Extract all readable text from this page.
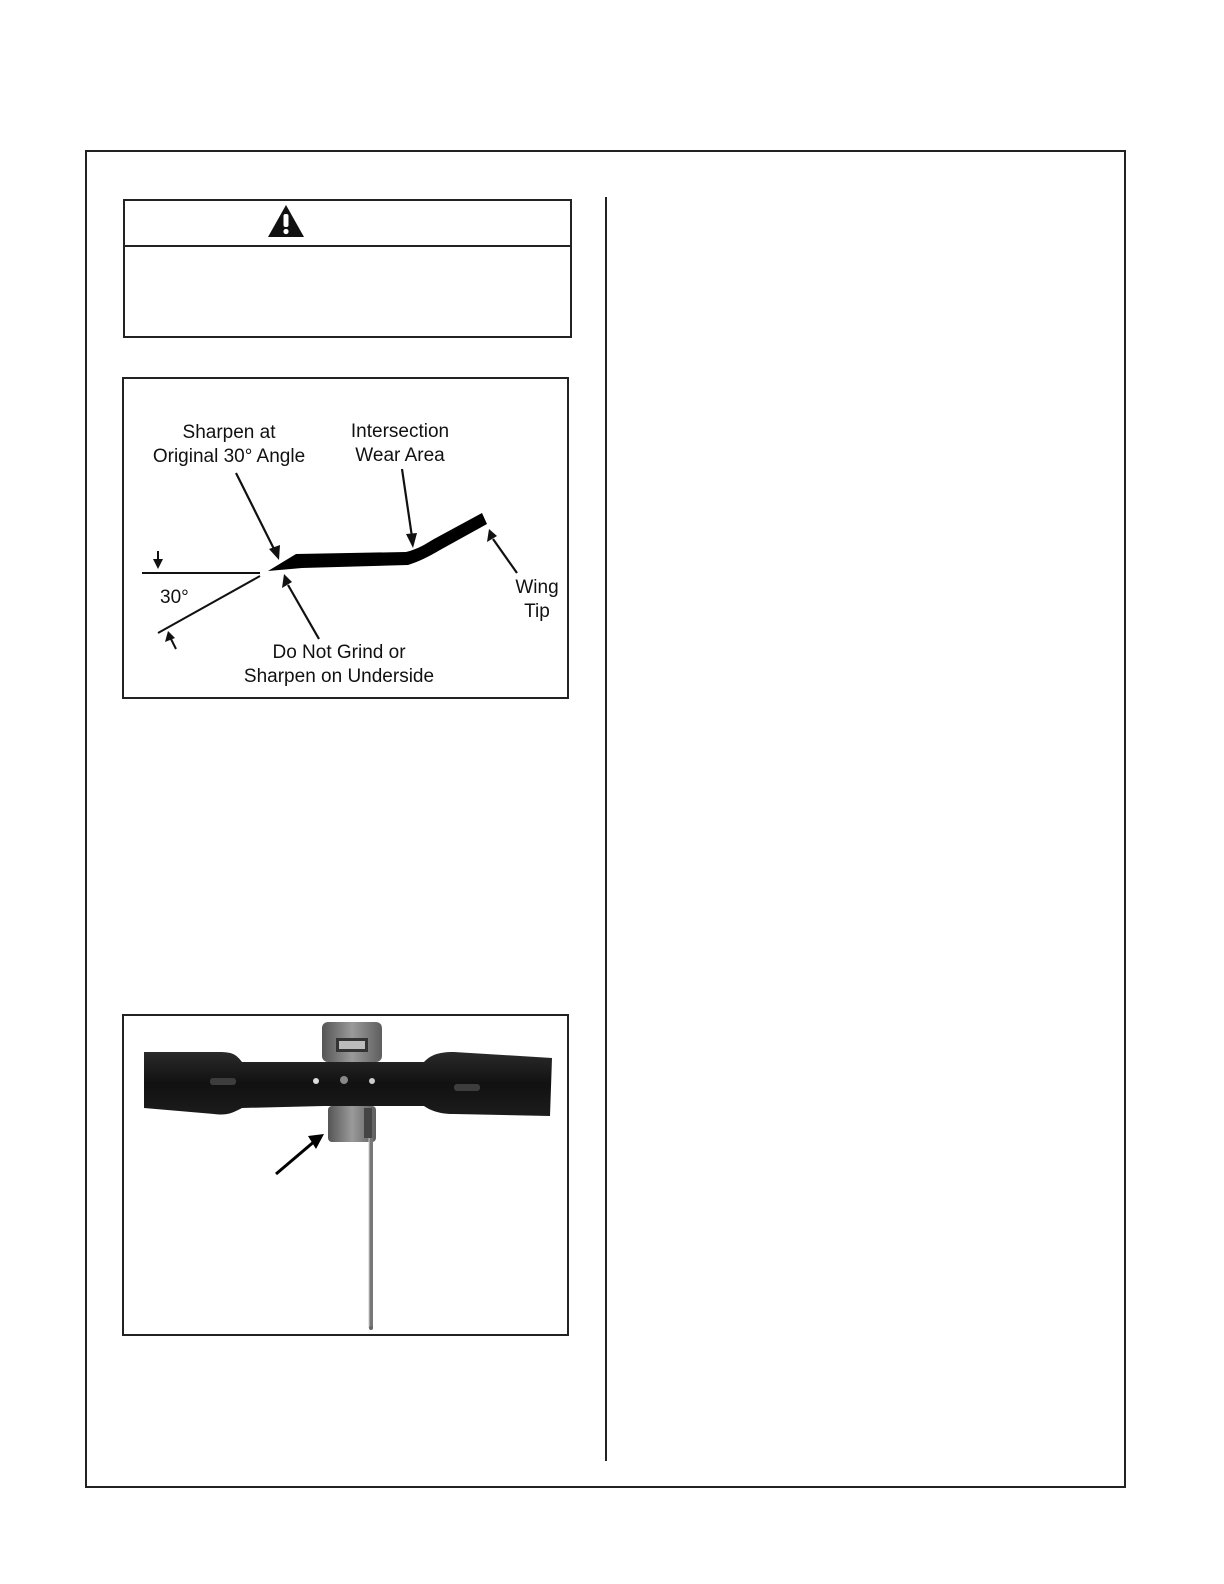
Sharpen at
Original 30° Angle
Intersection
Wear Area
30°	Wing
Tip
Do Not Grind or
Sharpen on Underside
